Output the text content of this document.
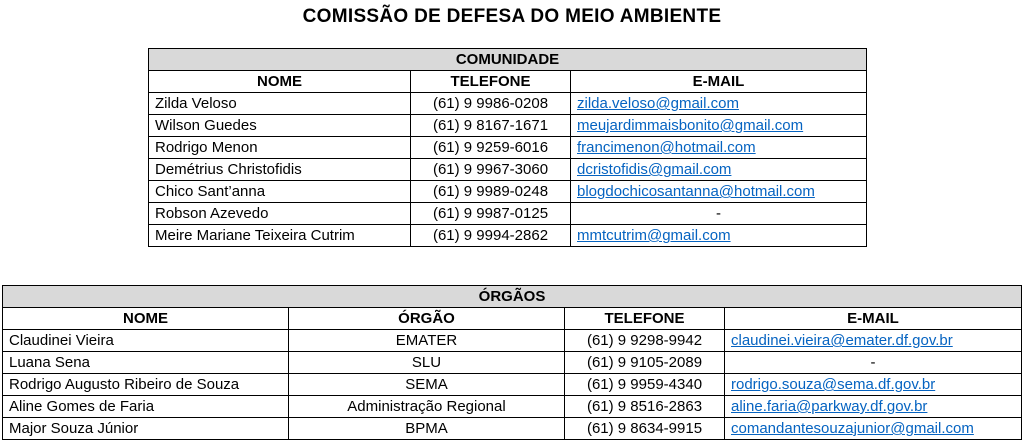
COMISSÃO DE DEFESA DO MEIO AMBIENTE
COMUNIDADE		
NOME	TELEFONE	E-MAIL
Zilda Veloso	(61) 9 9986-0208	zilda.veloso@gmail.com
Wilson Guedes	(61) 9 8167-1671	meujardimmaisbonito@gmail.com
Rodrigo Menon	(61) 9 9259-6016	francimenon@hotmail.com
Demétrius Christofidis	(61) 9 9967-3060	dcristofidis@gmail.com
Chico Sant’anna	(61) 9 9989-0248	blogdochicosantanna@hotmail.com
Robson Azevedo	(61) 9 9987-0125	-
Meire Mariane Teixeira Cutrim	(61) 9 9994-2862	mmtcutrim@gmail.com
ÓRGÃOS			
NOME	ÓRGÃO	TELEFONE	E-MAIL
Claudinei Vieira	EMATER	(61) 9 9298-9942	claudinei.vieira@emater.df.gov.br
Luana Sena	SLU	(61) 9 9105-2089	-
Rodrigo Augusto Ribeiro de Souza	SEMA	(61) 9 9959-4340	rodrigo.souza@sema.df.gov.br
Aline Gomes de Faria	Administração Regional	(61) 9 8516-2863	aline.faria@parkway.df.gov.br
Major Souza Júnior	BPMA	(61) 9 8634-9915	comandantesouzajunior@gmail.com
